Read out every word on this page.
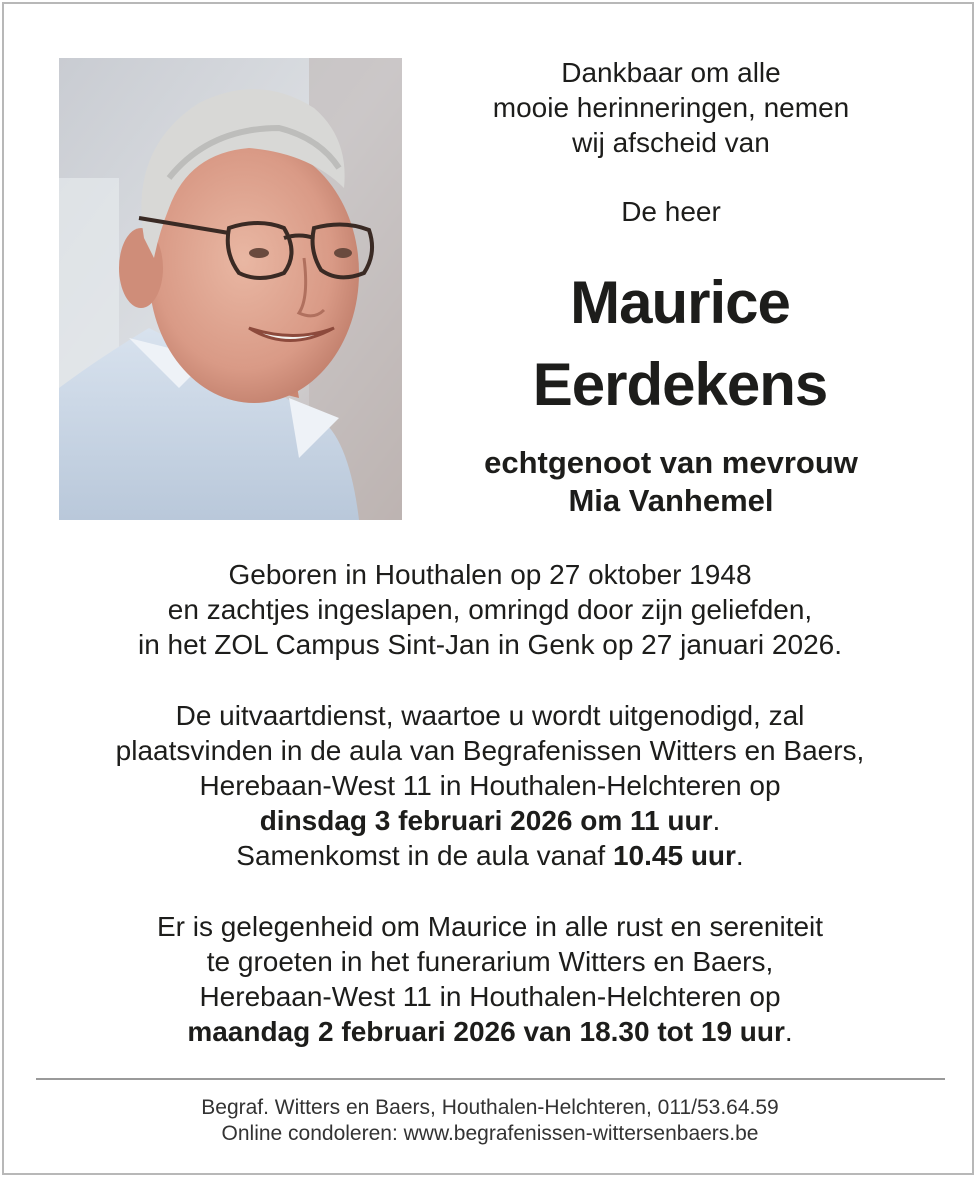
Dankbaar om alle
mooie herinneringen, nemen
wij afscheid van
De heer
Maurice
Eerdekens
echtgenoot van mevrouw
Mia Vanhemel
Geboren in Houthalen op 27 oktober 1948
en zachtjes ingeslapen, omringd door zijn geliefden,
in het ZOL Campus Sint-Jan in Genk op 27 januari 2026.
De uitvaartdienst, waartoe u wordt uitgenodigd, zal
plaatsvinden in de aula van Begrafenissen Witters en Baers,
Herebaan-West 11 in Houthalen-Helchteren op
dinsdag 3 februari 2026 om 11 uur.
Samenkomst in de aula vanaf 10.45 uur.
Er is gelegenheid om Maurice in alle rust en sereniteit
te groeten in het funerarium Witters en Baers,
Herebaan-West 11 in Houthalen-Helchteren op
maandag 2 februari 2026 van 18.30 tot 19 uur.
Begraf. Witters en Baers, Houthalen-Helchteren, 011/53.64.59
Online condoleren: www.begrafenissen-wittersenbaers.be
